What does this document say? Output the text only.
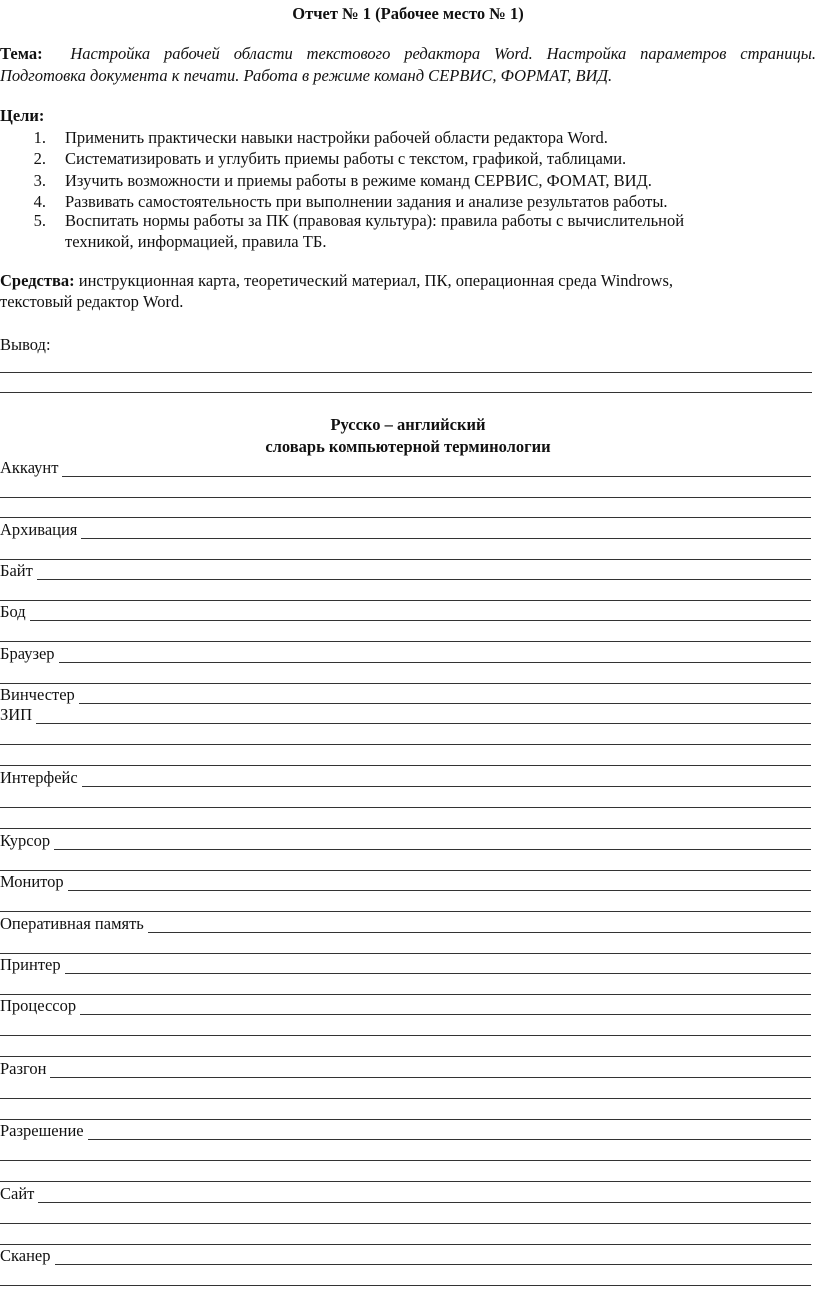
Отчет № 1 (Рабочее место № 1)
Тема: Настройка рабочей области текстового редактора Word. Настройка параметров страницы.
Подготовка документа к печати. Работа в режиме команд СЕРВИС, ФОРМАТ, ВИД.
Цели:
1. Применить практически навыки настройки рабочей области редактора Word.
2. Систематизировать и углубить приемы работы с текстом, графикой, таблицами.
3. Изучить возможности и приемы работы в режиме команд СЕРВИС, ФОМАТ, ВИД.
4. Развивать самостоятельность при выполнении задания и анализе результатов работы.
5. Воспитать нормы работы за ПК (правовая культура): правила работы с вычислительной
техникой, информацией, правила ТБ.
Средства: инструкционная карта, теоретический материал, ПК, операционная среда Windrows,
текстовый редактор Word.
Вывод:
Русско – английский
словарь компьютерной терминологии
Аккаунт
Архивация
Байт
Бод
Браузер
Винчестер
ЗИП
Интерфейс
Курсор
Монитор
Оперативная память
Принтер
Процессор
Разгон
Разрешение
Сайт
Сканер
